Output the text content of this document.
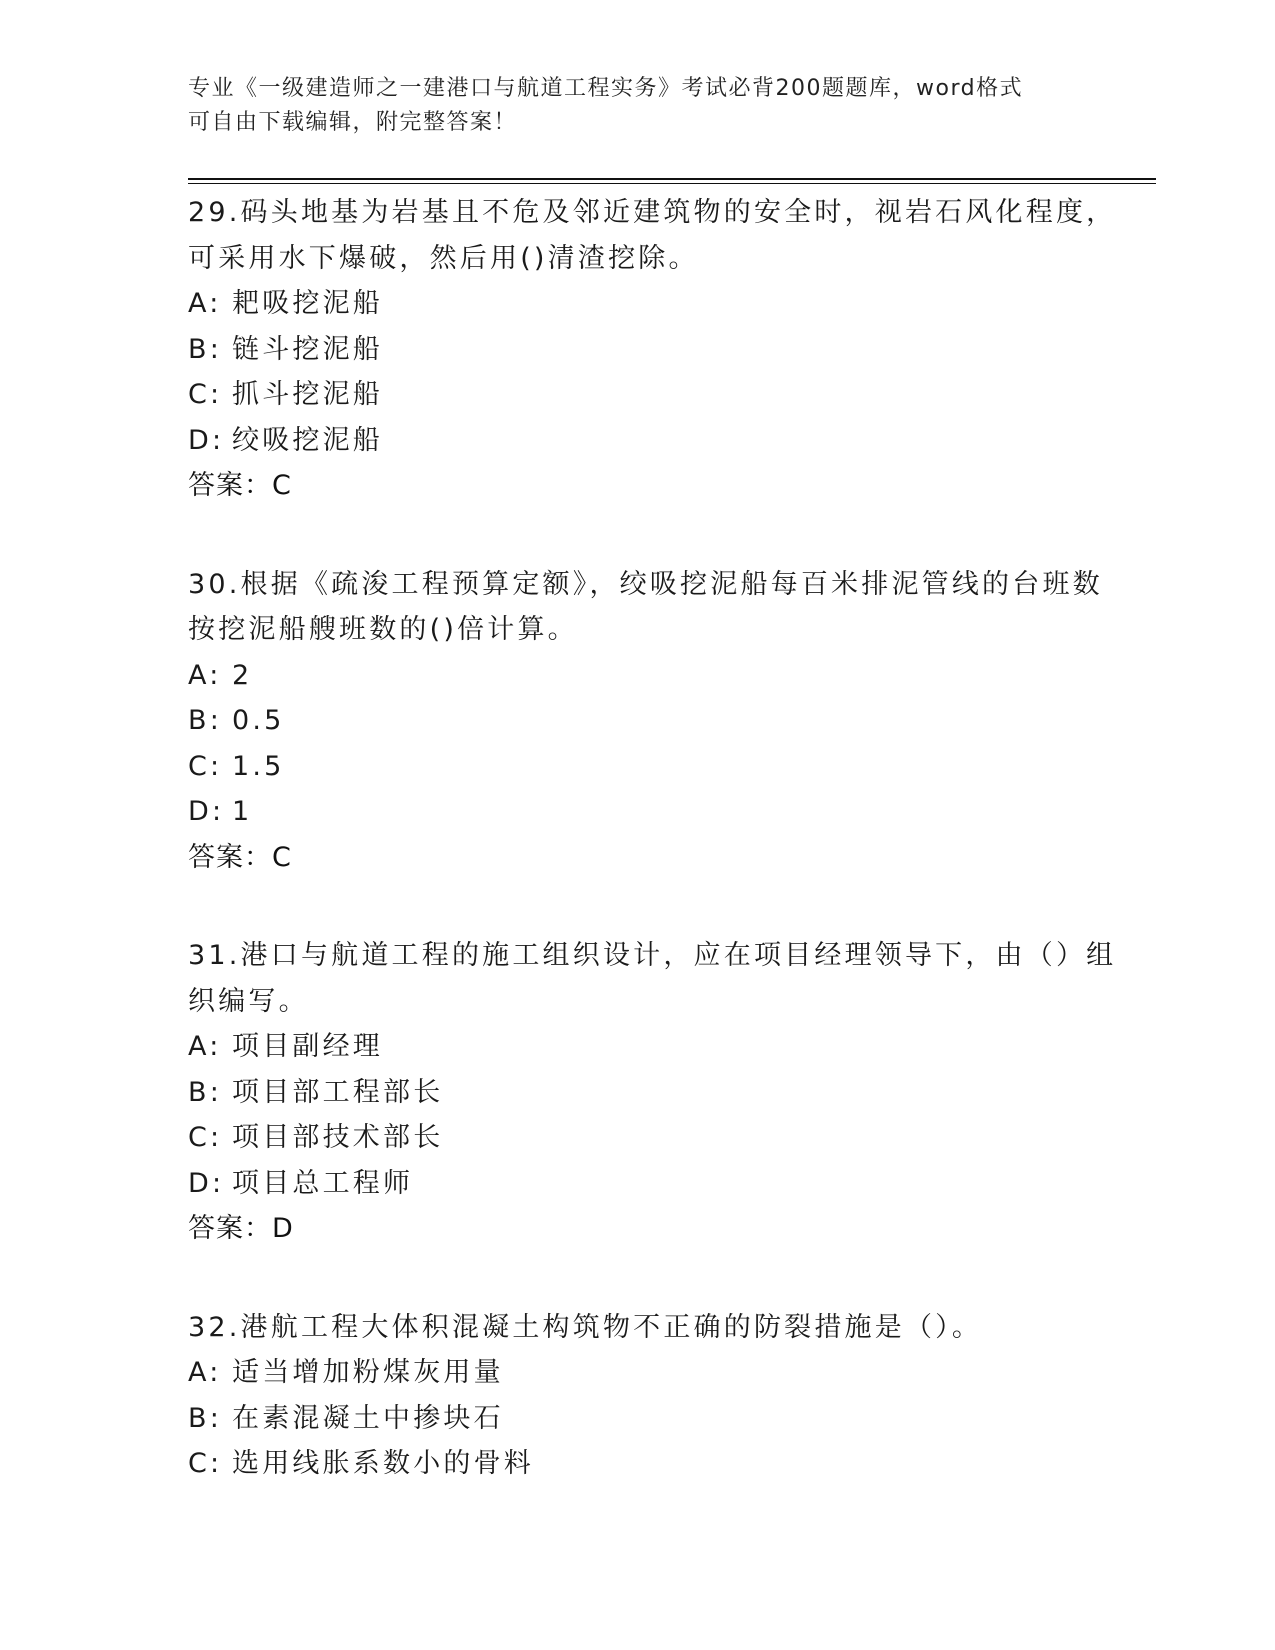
专业《一级建造师之一建港口与航道工程实务》考试必背200题题库，word格式
可自由下载编辑，附完整答案！
29.码头地基为岩基且不危及邻近建筑物的安全时，视岩石风化程度，
可采用水下爆破，然后用()清渣挖除。
A: 耙吸挖泥船
B: 链斗挖泥船
C: 抓斗挖泥船
D: 绞吸挖泥船
答案：C
30.根据《疏浚工程预算定额》，绞吸挖泥船每百米排泥管线的台班数
按挖泥船艘班数的()倍计算。
A: 2
B: 0.5
C: 1.5
D: 1
答案：C
31.港口与航道工程的施工组织设计，应在项目经理领导下，由（）组
织编写。
A: 项目副经理
B: 项目部工程部长
C: 项目部技术部长
D: 项目总工程师
答案：D
32.港航工程大体积混凝土构筑物不正确的防裂措施是（）。
A: 适当增加粉煤灰用量
B: 在素混凝土中掺块石
C: 选用线胀系数小的骨料
